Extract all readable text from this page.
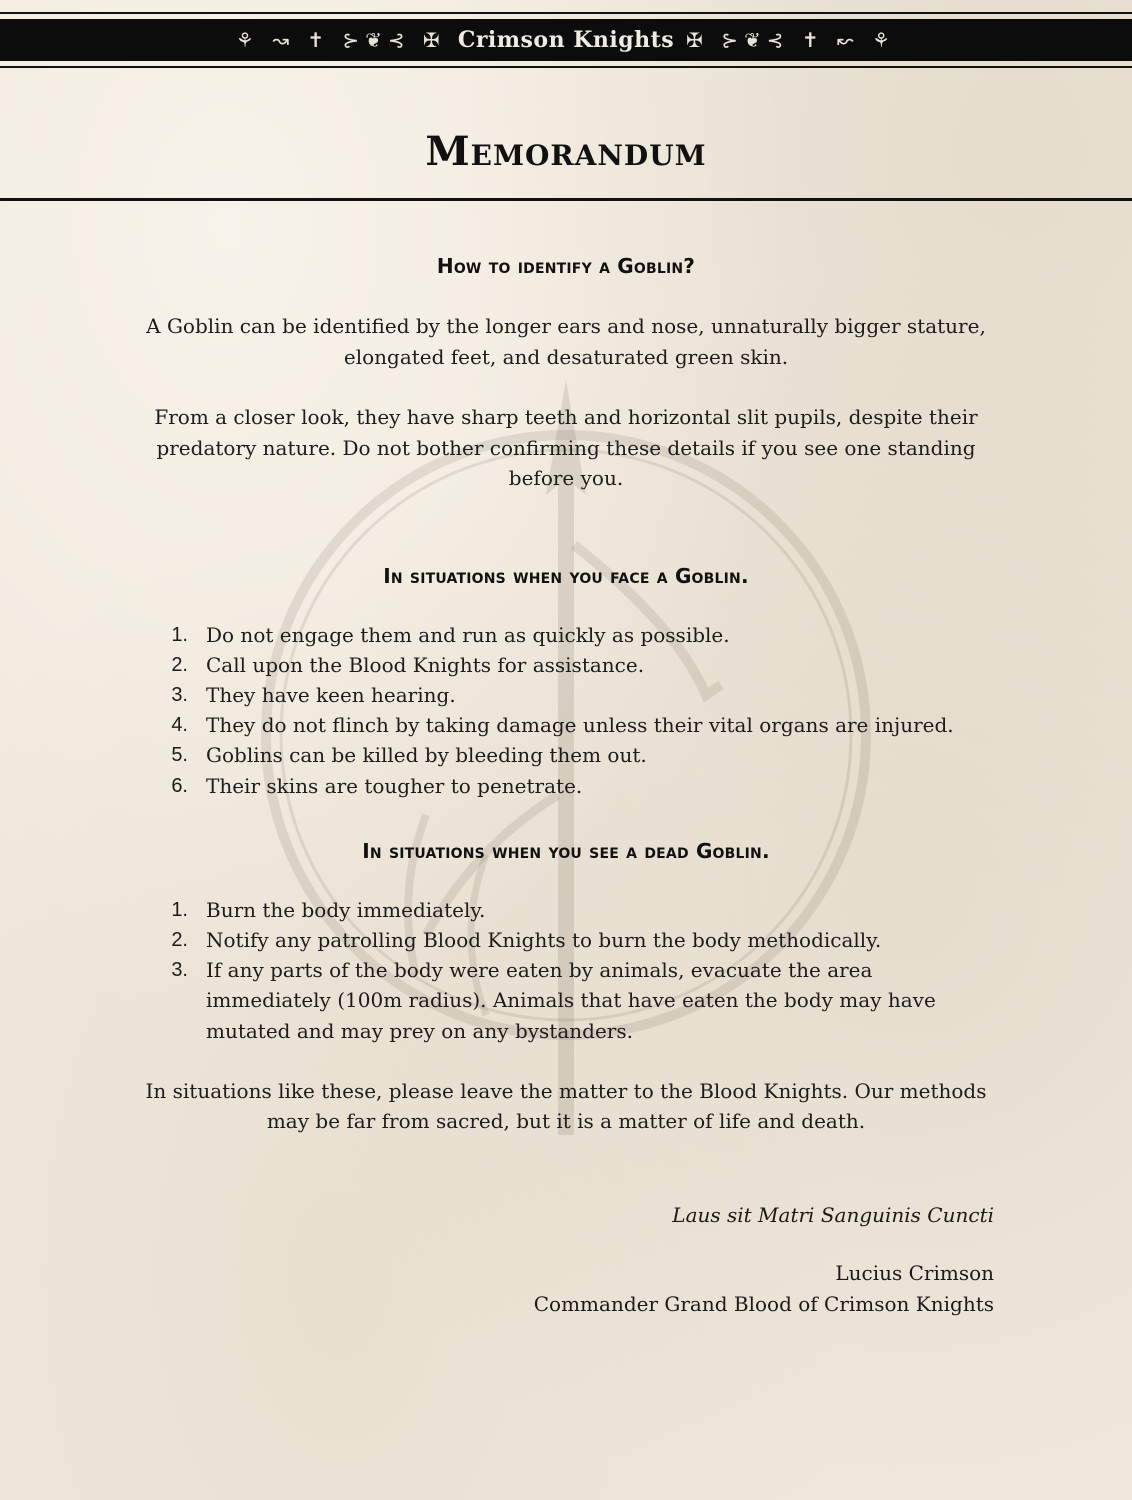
⚘ ↝ ✝ ⊱❦⊰ ✠ Crimson Knights ✠ ⊱❦⊰ ✝ ↜ ⚘
Memorandum
How to identify a Goblin?

A Goblin can be identified by the longer ears and nose, unnaturally bigger stature, elongated feet, and desaturated green skin.

From a closer look, they have sharp teeth and horizontal slit pupils, despite their predatory nature. Do not bother confirming these details if you see one standing before you.

In situations when you face a Goblin.
1. Do not engage them and run as quickly as possible.
2. Call upon the Blood Knights for assistance.
3. They have keen hearing.
4. They do not flinch by taking damage unless their vital organs are injured.
5. Goblins can be killed by bleeding them out.
6. Their skins are tougher to penetrate.
In situations when you see a dead Goblin.
1. Burn the body immediately.
2. Notify any patrolling Blood Knights to burn the body methodically.
3. If any parts of the body were eaten by animals, evacuate the area immediately (100m radius). Animals that have eaten the body may have mutated and may prey on any bystanders.

In situations like these, please leave the matter to the Blood Knights. Our methods may be far from sacred, but it is a matter of life and death.

Laus sit Matri Sanguinis Cuncti

Lucius Crimson

Commander Grand Blood of Crimson Knights
